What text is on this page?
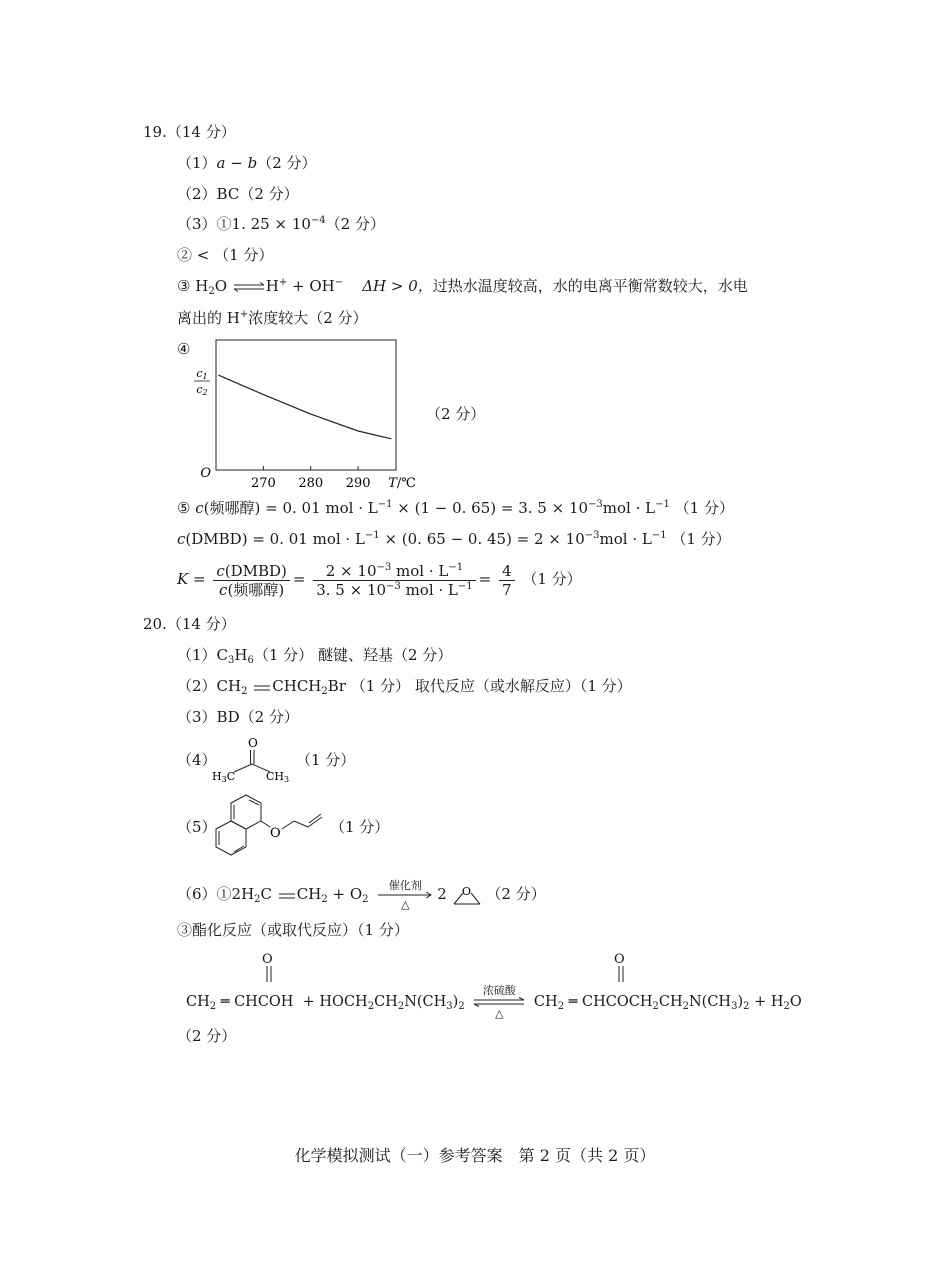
19.（14 分）
（1）a − b（2 分）
（2）BC（2 分）
（3）①1. $25 \times 10^{-4}(2$ 分）
② < （1 分）
③ $H_2O$ ⇌H+ + OH− ΔH > 0，过热水温度较高，水的电离平衡常数较大，水电
离出的 H+浓度较大（2 分）
④
c1
c2
O
270 280 290 T/℃
（2 分）
⑤ c(频哪醇) = 0. 01 mol · $L^{-1} \times (1 - 0$. 65) = 3. $5 \times 10^{-3}mol \cdot L^{-1}$ （1 分）
c(DMBD) = 0. 01 mol · $L^{-1} \times (0$. 65 − 0. $45) = 2 \times 10^{-3}mol \cdot L^{-1}$ （1 分）
$K = \frac{\text{c(DMBD)}}{\text{c(频哪醇)}} = \frac{2 \times 10^{-3} mol \cdot L^{-1}}{3. 5 \times 10^{-3} mol \cdot L^{-1}} = \frac{4}{7} (1$ 分）
20.（14 分）
$(1)C_3H_6(1$ 分） 醚键、羟基（2 分）
$(2)CH_2$ $CHCH_2Br$ （1 分） 取代反应（或水解反应）（1 分）
（3）BD（2 分）
（4）
O
H3C	CH3
（1 分）
（5）	O	（1 分）
$(6)①2H_2C$ $CH_2 + O_2$
催化剂
△
2 O （2 分）
③酯化反应（或取代反应）（1 分）
O	O
$CH_2$ ═ CHCOH  + $HOCH_2CH_2N(CH_3)_2$
浓硫酸
△
$CH_2$ ═ $CHCOCH_2CH_2N(CH_3)_2 + H_2O$
（2 分）
化学模拟测试（一）参考答案　第 2 页（共 2 页）
